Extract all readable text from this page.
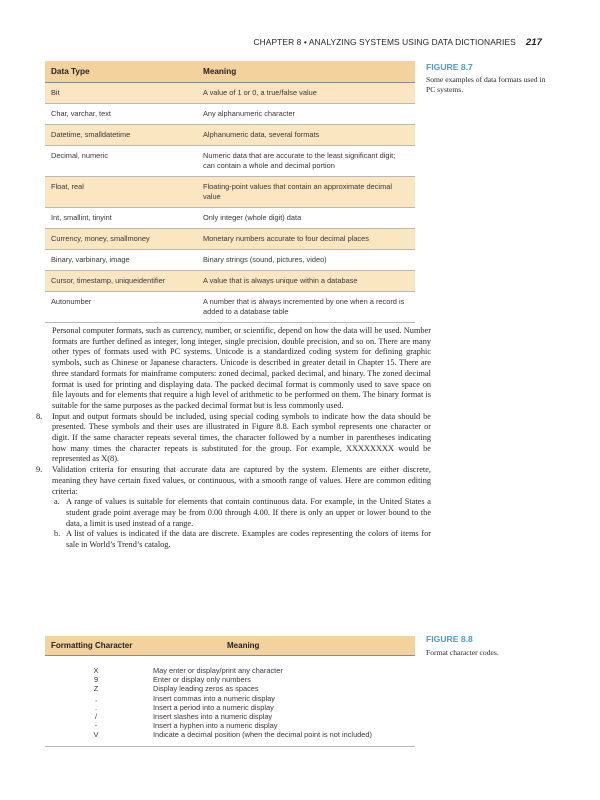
CHAPTER 8 • ANALYZING SYSTEMS USING DATA DICTIONARIES 217
Data Type	Meaning
Bit	A value of 1 or 0, a true/false value
Char, varchar, text	Any alphanumeric character
Datetime, smalldatetime	Alphanumeric data, several formats
Decimal, numeric	Numeric data that are accurate to the least significant digit; can contain a whole and decimal portion
Float, real	Floating-point values that contain an approximate decimal value
Int, smallint, tinyint	Only integer (whole digit) data
Currency, money, smallmoney	Monetary numbers accurate to four decimal places
Binary, varbinary, image	Binary strings (sound, pictures, video)
Cursor, timestamp, uniqueidentifier	A value that is always unique within a database
Autonumber	A number that is always incremented by one when a record is added to a database table
FIGURE 8.7
Some examples of data formats used in PC systems.

Personal computer formats, such as currency, number, or scientific, depend on how the data will be used. Number formats are further defined as integer, long integer, single precision, double precision, and so on. There are many other types of formats used with PC systems. Unicode is a standardized coding system for defining graphic symbols, such as Chinese or Japanese characters. Unicode is described in greater detail in Chapter 15. There are three standard formats for mainframe computers: zoned decimal, packed decimal, and binary. The zoned decimal format is used for printing and displaying data. The packed decimal format is commonly used to save space on file layouts and for elements that require a high level of arithmetic to be performed on them. The binary format is suitable for the same purposes as the packed decimal format but is less commonly used.

8. Input and output formats should be included, using special coding symbols to indicate how the data should be presented. These symbols and their uses are illustrated in Figure 8.8. Each symbol represents one character or digit. If the same character repeats several times, the character followed by a number in parentheses indicating how many times the character repeats is substituted for the group. For example, XXXXXXXX would be represented as X(8).
9. Validation criteria for ensuring that accurate data are captured by the system. Elements are either discrete, meaning they have certain fixed values, or continuous, with a smooth range of values. Here are common editing criteria:
a. A range of values is suitable for elements that contain continuous data. For example, in the United States a student grade point average may be from 0.00 through 4.00. If there is only an upper or lower bound to the data, a limit is used instead of a range.
b. A list of values is indicated if the data are discrete. Examples are codes representing the colors of items for sale in World’s Trend’s catalog.
Formatting Character	Meaning
X	May enter or display/print any character
9	Enter or display only numbers
Z	Display leading zeros as spaces
,	Insert commas into a numeric display
.	Insert a period into a numeric display
/	Insert slashes into a numeric display
-	Insert a hyphen into a numeric display
V	Indicate a decimal position (when the decimal point is not included)
FIGURE 8.8
Format character codes.
